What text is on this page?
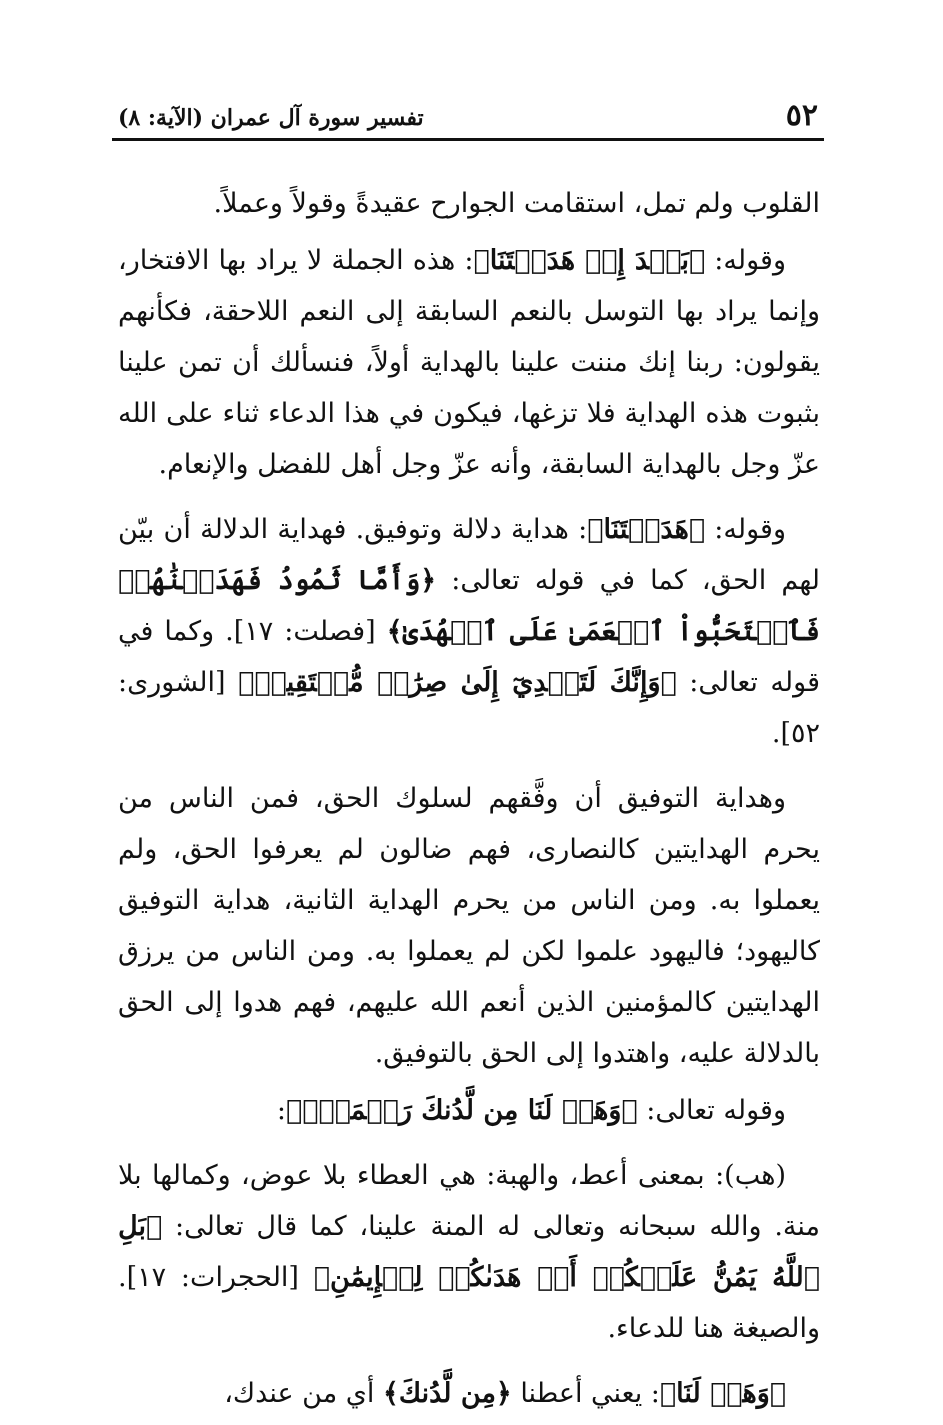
٥٢
تفسير سورة آل عمران (الآية: ٨)

القلوب ولم تمل، استقامت الجوارح عقيدةً وقولاً وعملاً.

وقوله: ﴿بَعۡدَ إِذۡ هَدَيۡتَنَا﴾: هذه الجملة لا يراد بها الافتخار، وإنما يراد بها التوسل بالنعم السابقة إلى النعم اللاحقة، فكأنهم يقولون: ربنا إنك مننت علينا بالهداية أولاً، فنسألك أن تمن علينا بثبوت هذه الهداية فلا تزغها، فيكون في هذا الدعاء ثناء على الله عزّ وجل بالهداية السابقة، وأنه عزّ وجل أهل للفضل والإنعام.

وقوله: ﴿هَدَيۡتَنَا﴾: هداية دلالة وتوفيق. فهداية الدلالة أن بيّن لهم الحق، كما في قوله تعالى: ﴿وَأَمَّا ثَمُودُ فَهَدَيۡنَٰهُمۡ فَٱسۡتَحَبُّواْ ٱلۡعَمَىٰ عَلَى ٱلۡهُدَىٰ﴾ [فصلت: ١٧]. وكما في قوله تعالى: ﴿وَإِنَّكَ لَتَهۡدِيٓ إِلَىٰ صِرَٰطٖ مُّسۡتَقِيمٖ﴾ [الشورى: ٥٢].

وهداية التوفيق أن وفَّقهم لسلوك الحق، فمن الناس من يحرم الهدايتين كالنصارى، فهم ضالون لم يعرفوا الحق، ولم يعملوا به. ومن الناس من يحرم الهداية الثانية، هداية التوفيق كاليهود؛ فاليهود علموا لكن لم يعملوا به. ومن الناس من يرزق الهدايتين كالمؤمنين الذين أنعم الله عليهم، فهم هدوا إلى الحق بالدلالة عليه، واهتدوا إلى الحق بالتوفيق.

وقوله تعالى: ﴿وَهَبۡ لَنَا مِن لَّدُنكَ رَحۡمَةًۚ﴾:

(هب): بمعنى أعط، والهبة: هي العطاء بلا عوض، وكمالها بلا منة. والله سبحانه وتعالى له المنة علينا، كما قال تعالى: ﴿بَلِ ٱللَّهُ يَمُنُّ عَلَيۡكُمۡ أَنۡ هَدَىٰكُمۡ لِلۡإِيمَٰنِ﴾ [الحجرات: ١٧]. والصيغة هنا للدعاء.

﴿وَهَبۡ لَنَا﴾: يعني أعطنا ﴿مِن لَّدُنكَ﴾ أي من عندك،
